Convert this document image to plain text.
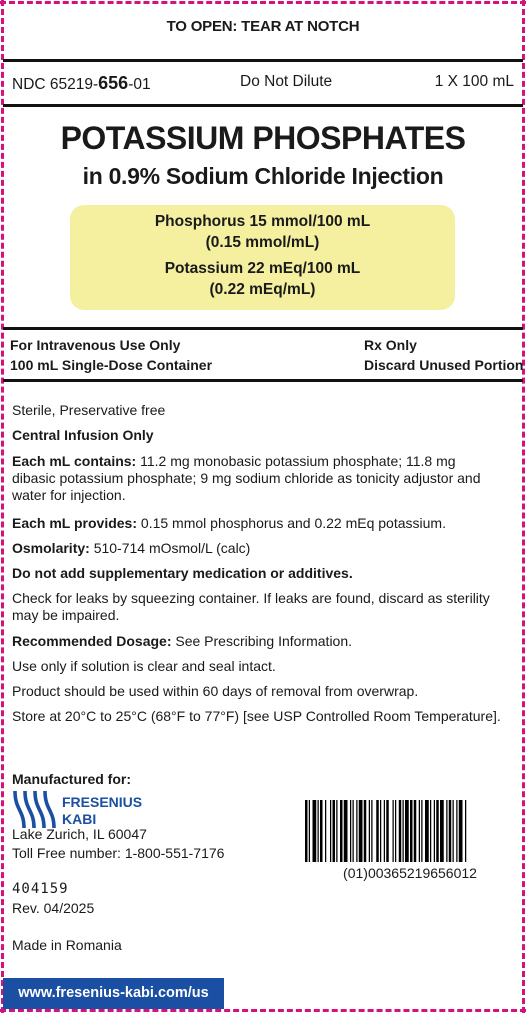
TO OPEN: TEAR AT NOTCH
NDC 65219-656-01	Do Not Dilute	1 X 100 mL
POTASSIUM PHOSPHATES
in 0.9% Sodium Chloride Injection
Phosphorus 15 mmol/100 mL
(0.15 mmol/mL)
Potassium 22 mEq/100 mL
(0.22 mEq/mL)
For Intravenous Use Only
100 mL Single-Dose Container
Rx Only
Discard Unused Portion
Sterile, Preservative free
Central Infusion Only
Each mL contains: 11.2 mg monobasic potassium phosphate; 11.8 mg dibasic potassium phosphate; 9 mg sodium chloride as tonicity adjustor and water for injection.
Each mL provides: 0.15 mmol phosphorus and 0.22 mEq potassium.
Osmolarity: 510-714 mOsmol/L (calc)
Do not add supplementary medication or additives.
Check for leaks by squeezing container. If leaks are found, discard as sterility may be impaired.
Recommended Dosage: See Prescribing Information.
Use only if solution is clear and seal intact.
Product should be used within 60 days of removal from overwrap.
Store at 20°C to 25°C (68°F to 77°F) [see USP Controlled Room Temperature].
Manufactured for:
FRESENIUS
KABI
Lake Zurich, IL 60047
Toll Free number: 1-800-551-7176
(01)00365219656012
404159
Rev. 04/2025
Made in Romania
www.fresenius-kabi.com/us
